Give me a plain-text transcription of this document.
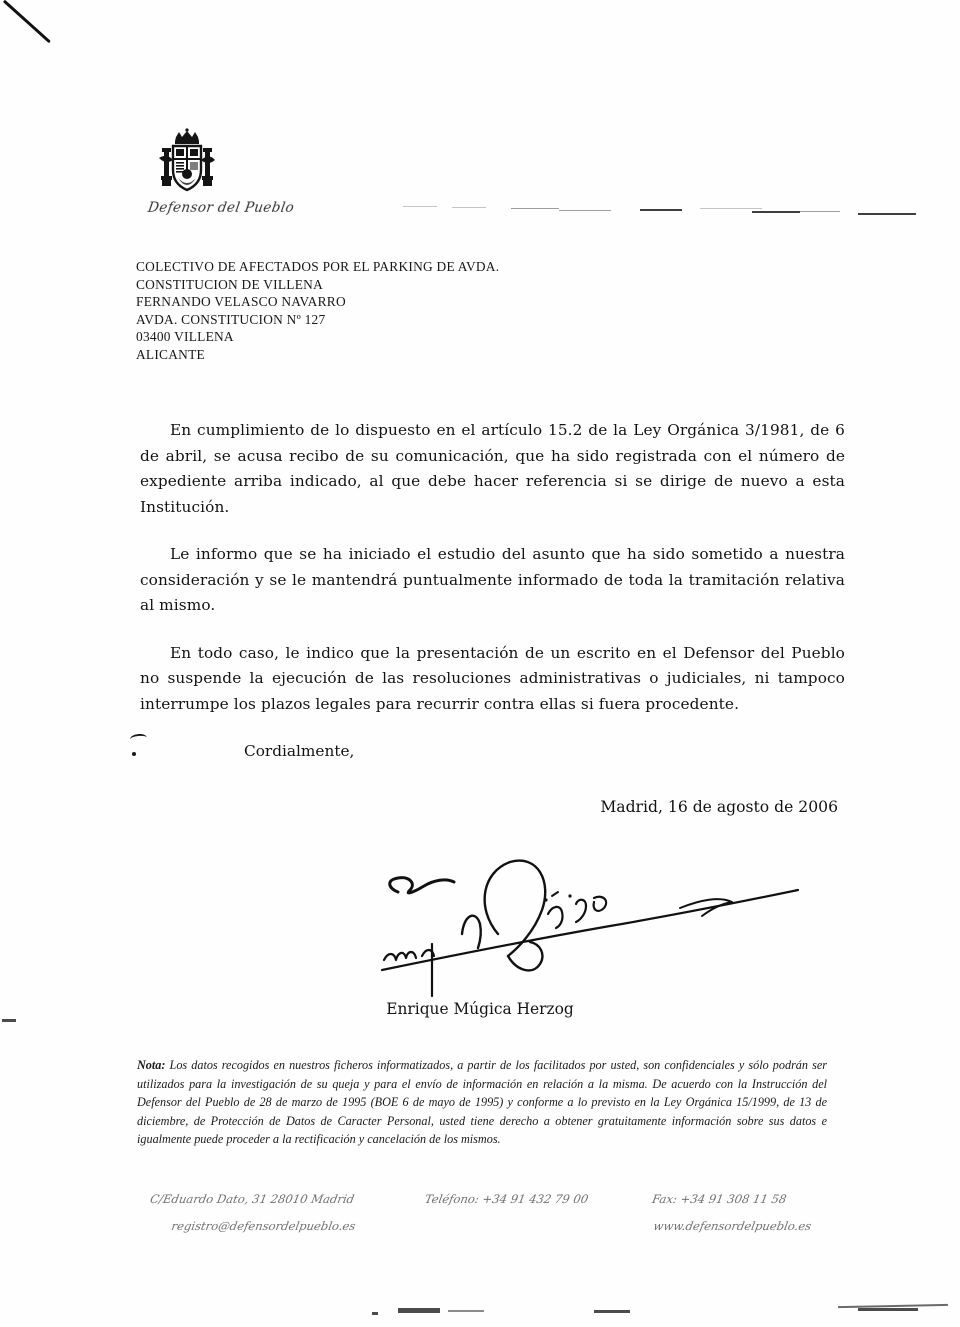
Defensor del Pueblo
COLECTIVO DE AFECTADOS POR EL PARKING DE AVDA.
CONSTITUCION DE VILLENA
FERNANDO VELASCO NAVARRO
AVDA. CONSTITUCION Nº 127
03400 VILLENA
ALICANTE

En cumplimiento de lo dispuesto en el artículo 15.2 de la Ley Orgánica 3/1981, de 6 de abril, se acusa recibo de su comunicación, que ha sido registrada con el número de expediente arriba indicado, al que debe hacer referencia si se dirige de nuevo a esta Institución.

Le informo que se ha iniciado el estudio del asunto que ha sido sometido a nuestra consideración y se le mantendrá puntualmente informado de toda la tramitación relativa al mismo.

En todo caso, le indico que la presentación de un escrito en el Defensor del Pueblo no suspende la ejecución de las resoluciones administrativas o judiciales, ni tampoco interrumpe los plazos legales para recurrir contra ellas si fuera procedente.

Cordialmente,
Madrid, 16 de agosto de 2006
Enrique Múgica Herzog
Nota: Los datos recogidos en nuestros ficheros informatizados, a partir de los facilitados por usted, son confidenciales y sólo podrán ser utilizados para la investigación de su queja y para el envío de información en relación a la misma. De acuerdo con la Instrucción del Defensor del Pueblo de 28 de marzo de 1995 (BOE 6 de mayo de 1995) y conforme a lo previsto en la Ley Orgánica 15/1999, de 13 de diciembre, de Protección de Datos de Caracter Personal, usted tiene derecho a obtener gratuitamente información sobre sus datos e igualmente puede proceder a la rectificación y cancelación de los mismos.
C/Eduardo Dato, 31 28010 Madrid
registro@defensordelpueblo.es
Teléfono: +34 91 432 79 00	Fax: +34 91 308 11 58
www.defensordelpueblo.es
